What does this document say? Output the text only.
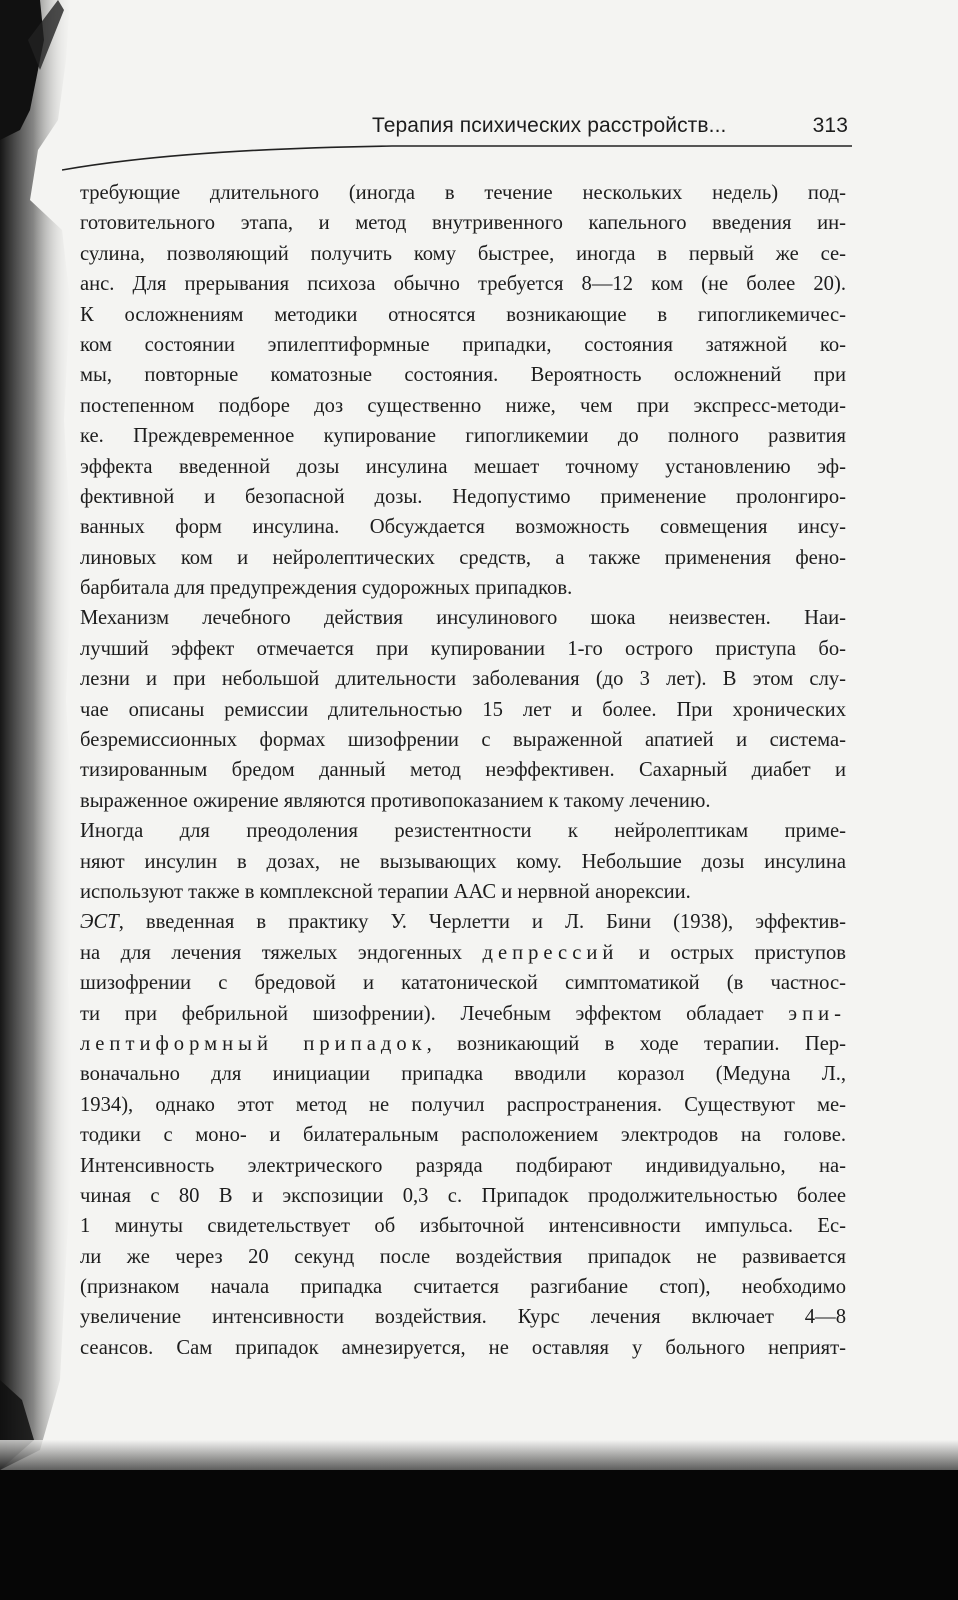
Терапия психических расстройств...	313
требующие длительного (иногда в течение нескольких недель) под-
готовительного этапа, и метод внутривенного капельного введения ин-
сулина, позволяющий получить кому быстрее, иногда в первый же се-
анс. Для прерывания психоза обычно требуется 8—12 ком (не более 20).
К осложнениям методики относятся возникающие в гипогликемичес-
ком состоянии эпилептиформные припадки, состояния затяжной ко-
мы, повторные коматозные состояния. Вероятность осложнений при
постепенном подборе доз существенно ниже, чем при экспресс-методи-
ке. Преждевременное купирование гипогликемии до полного развития
эффекта введенной дозы инсулина мешает точному установлению эф-
фективной и безопасной дозы. Недопустимо применение пролонгиро-
ванных форм инсулина. Обсуждается возможность совмещения инсу-
линовых ком и нейролептических средств, а также применения фено-
барбитала для предупреждения судорожных припадков.
Механизм лечебного действия инсулинового шока неизвестен. Наи-
лучший эффект отмечается при купировании 1-го острого приступа бо-
лезни и при небольшой длительности заболевания (до 3 лет). В этом слу-
чае описаны ремиссии длительностью 15 лет и более. При хронических
безремиссионных формах шизофрении с выраженной апатией и система-
тизированным бредом данный метод неэффективен. Сахарный диабет и
выраженное ожирение являются противопоказанием к такому лечению.
Иногда для преодоления резистентности к нейролептикам приме-
няют инсулин в дозах, не вызывающих кому. Небольшие дозы инсулина
используют также в комплексной терапии ААС и нервной анорексии.
ЭСТ, введенная в практику У. Черлетти и Л. Бини (1938), эффектив-
на для лечения тяжелых эндогенных депрессий и острых приступов
шизофрении с бредовой и кататонической симптоматикой (в частнос-
ти при фебрильной шизофрении). Лечебным эффектом обладает эпи-
лептиформный припадок, возникающий в ходе терапии. Пер-
воначально для инициации припадка вводили коразол (Медуна Л.,
1934), однако этот метод не получил распространения. Существуют ме-
тодики с моно- и билатеральным расположением электродов на голове.
Интенсивность электрического разряда подбирают индивидуально, на-
чиная с 80 В и экспозиции 0,3 с. Припадок продолжительностью более
1 минуты свидетельствует об избыточной интенсивности импульса. Ес-
ли же через 20 секунд после воздействия припадок не развивается
(признаком начала припадка считается разгибание стоп), необходимо
увеличение интенсивности воздействия. Курс лечения включает 4—8
сеансов. Сам припадок амнезируется, не оставляя у больного неприят-
